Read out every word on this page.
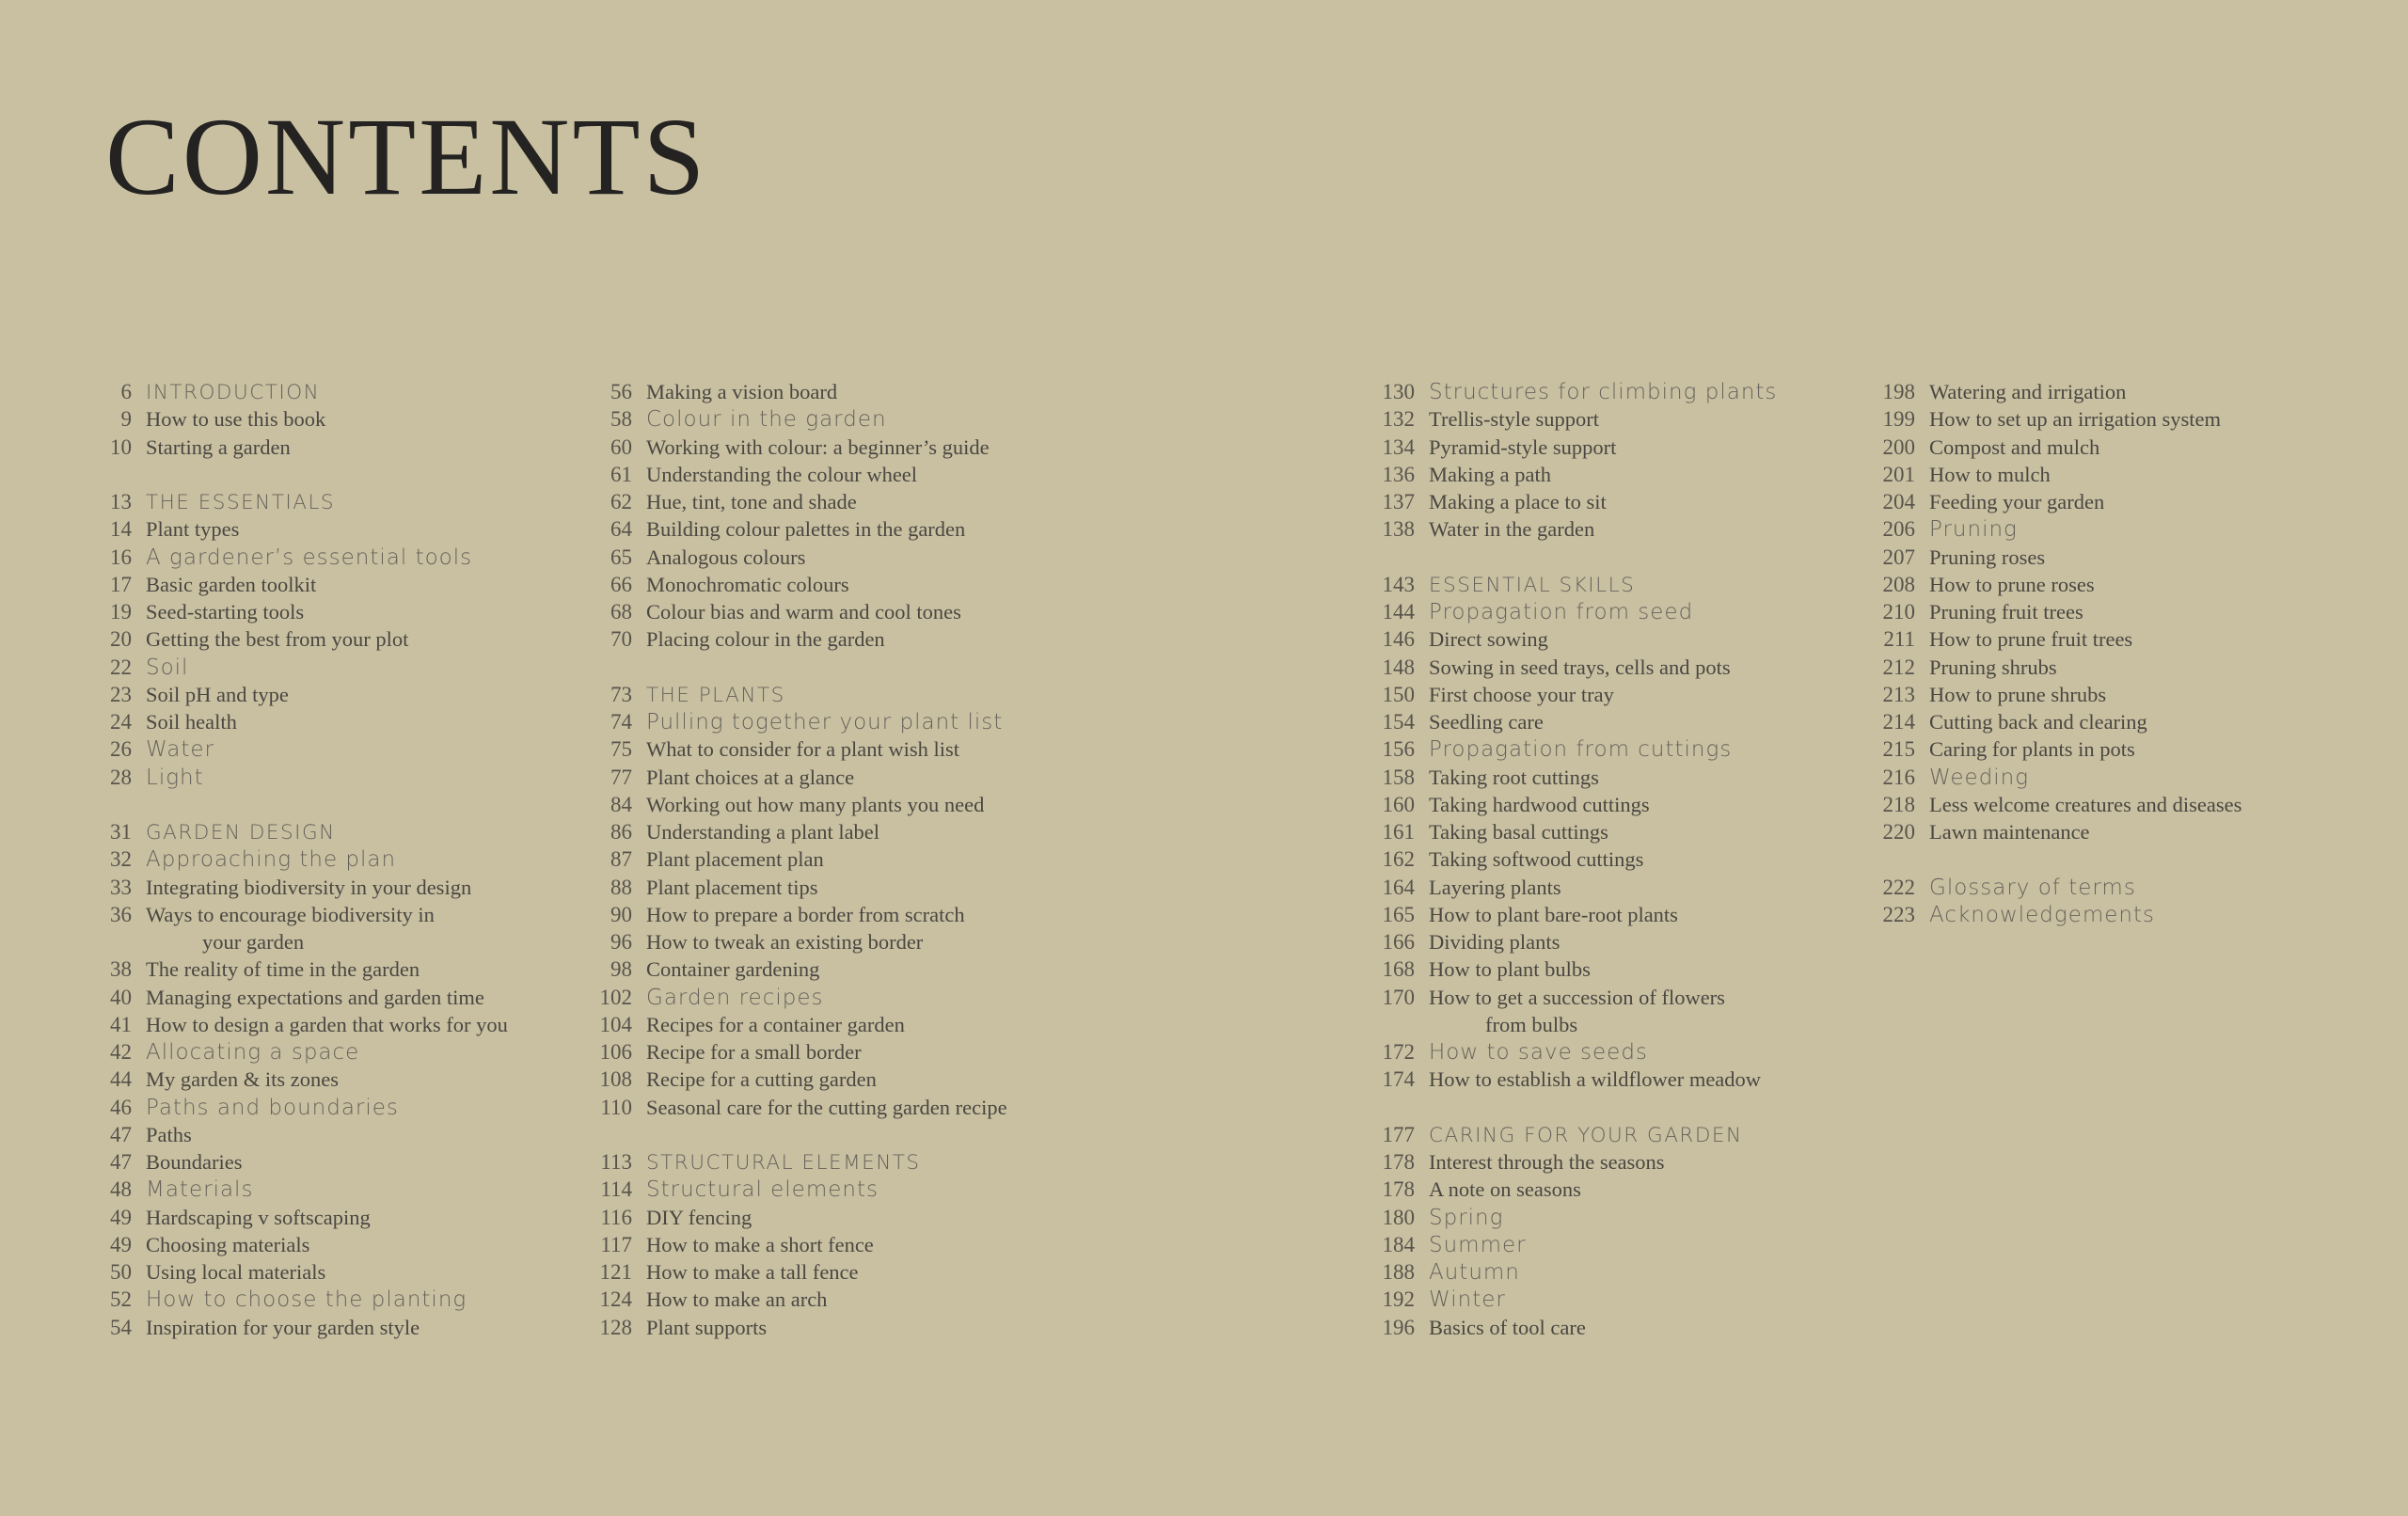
CONTENTS
6 INTRODUCTION
9 How to use this book
10 Starting a garden
13 THE ESSENTIALS
14 Plant types
16 A gardener’s essential tools
17 Basic garden toolkit
19 Seed-starting tools
20 Getting the best from your plot
22 Soil
23 Soil pH and type
24 Soil health
26 Water
28 Light
31 GARDEN DESIGN
32 Approaching the plan
33 Integrating biodiversity in your design
36 Ways to encourage biodiversity in
your garden
38 The reality of time in the garden
40 Managing expectations and garden time
41 How to design a garden that works for you
42 Allocating a space
44 My garden & its zones
46 Paths and boundaries
47 Paths
47 Boundaries
48 Materials
49 Hardscaping v softscaping
49 Choosing materials
50 Using local materials
52 How to choose the planting
54 Inspiration for your garden style
56 Making a vision board
58 Colour in the garden
60 Working with colour: a beginner’s guide
61 Understanding the colour wheel
62 Hue, tint, tone and shade
64 Building colour palettes in the garden
65 Analogous colours
66 Monochromatic colours
68 Colour bias and warm and cool tones
70 Placing colour in the garden
73 THE PLANTS
74 Pulling together your plant list
75 What to consider for a plant wish list
77 Plant choices at a glance
84 Working out how many plants you need
86 Understanding a plant label
87 Plant placement plan
88 Plant placement tips
90 How to prepare a border from scratch
96 How to tweak an existing border
98 Container gardening
102 Garden recipes
104 Recipes for a container garden
106 Recipe for a small border
108 Recipe for a cutting garden
110 Seasonal care for the cutting garden recipe
113 STRUCTURAL ELEMENTS
114 Structural elements
116 DIY fencing
117 How to make a short fence
121 How to make a tall fence
124 How to make an arch
128 Plant supports
130 Structures for climbing plants
132 Trellis-style support
134 Pyramid-style support
136 Making a path
137 Making a place to sit
138 Water in the garden
143 ESSENTIAL SKILLS
144 Propagation from seed
146 Direct sowing
148 Sowing in seed trays, cells and pots
150 First choose your tray
154 Seedling care
156 Propagation from cuttings
158 Taking root cuttings
160 Taking hardwood cuttings
161 Taking basal cuttings
162 Taking softwood cuttings
164 Layering plants
165 How to plant bare-root plants
166 Dividing plants
168 How to plant bulbs
170 How to get a succession of flowers
from bulbs
172 How to save seeds
174 How to establish a wildflower meadow
177 CARING FOR YOUR GARDEN
178 Interest through the seasons
178 A note on seasons
180 Spring
184 Summer
188 Autumn
192 Winter
196 Basics of tool care
198 Watering and irrigation
199 How to set up an irrigation system
200 Compost and mulch
201 How to mulch
204 Feeding your garden
206 Pruning
207 Pruning roses
208 How to prune roses
210 Pruning fruit trees
211 How to prune fruit trees
212 Pruning shrubs
213 How to prune shrubs
214 Cutting back and clearing
215 Caring for plants in pots
216 Weeding
218 Less welcome creatures and diseases
220 Lawn maintenance
222 Glossary of terms
223 Acknowledgements
